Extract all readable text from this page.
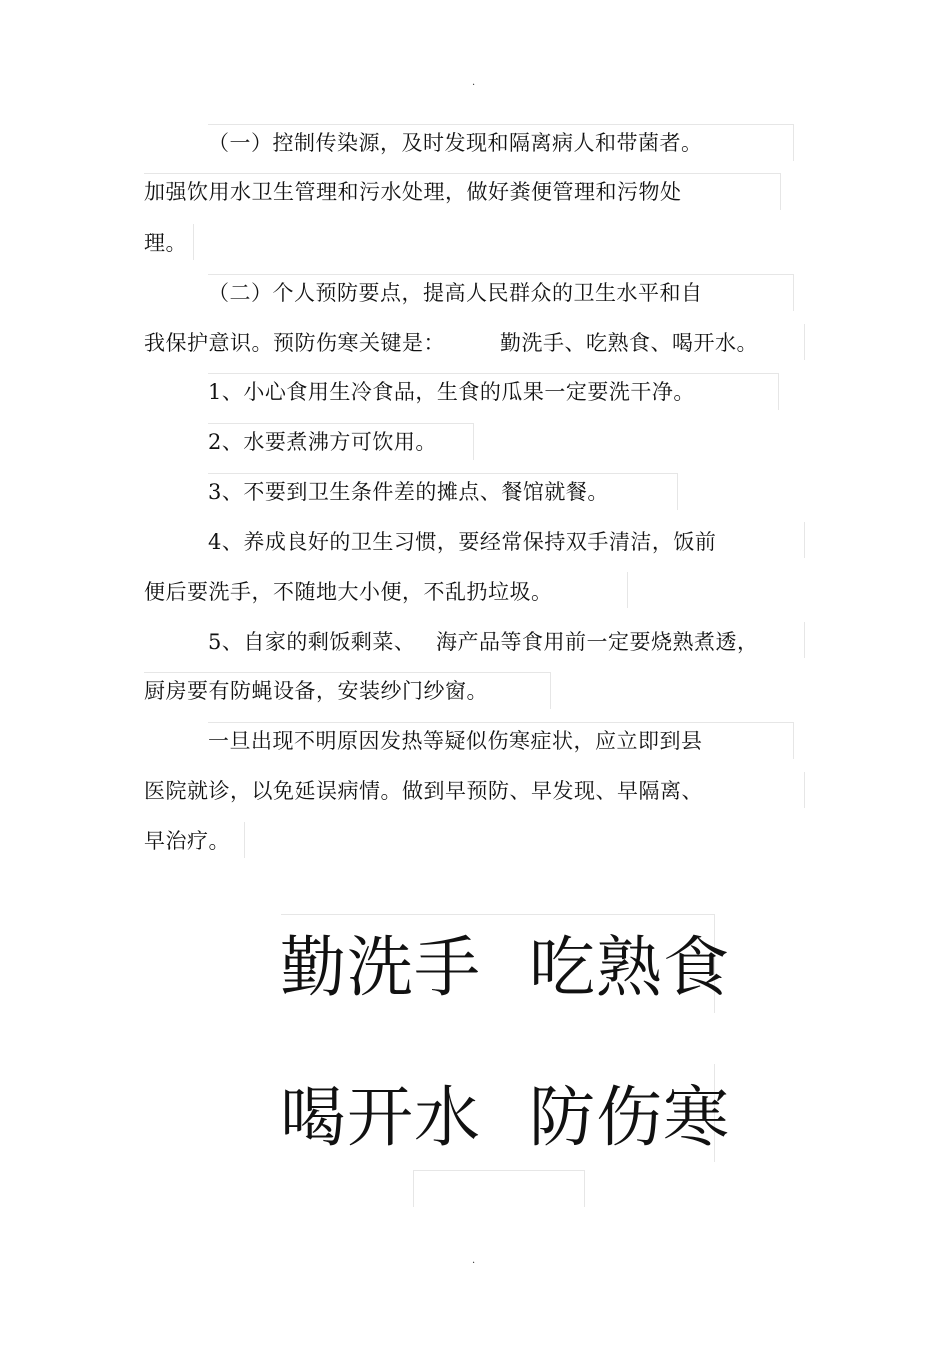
.
（一）控制传染源，及时发现和隔离病人和带菌者。
加强饮用水卫生管理和污水处理，做好粪便管理和污物处
理。
（二）个人预防要点，提高人民群众的卫生水平和自
我保护意识。预防伤寒关键是：	勤洗手、吃熟食、喝开水。
1、小心食用生冷食品，生食的瓜果一定要洗干净。
2、水要煮沸方可饮用。
3、不要到卫生条件差的摊点、餐馆就餐。
4、养成良好的卫生习惯，要经常保持双手清洁，饭前
便后要洗手，不随地大小便，不乱扔垃圾。
5、自家的剩饭剩菜、 海产品等食用前一定要烧熟煮透，
厨房要有防蝇设备，安装纱门纱窗。
一旦出现不明原因发热等疑似伤寒症状，应立即到县
医院就诊，以免延误病情。做到早预防、早发现、早隔离、
早治疗。
勤洗手 吃熟食
喝开水 防伤寒
.
